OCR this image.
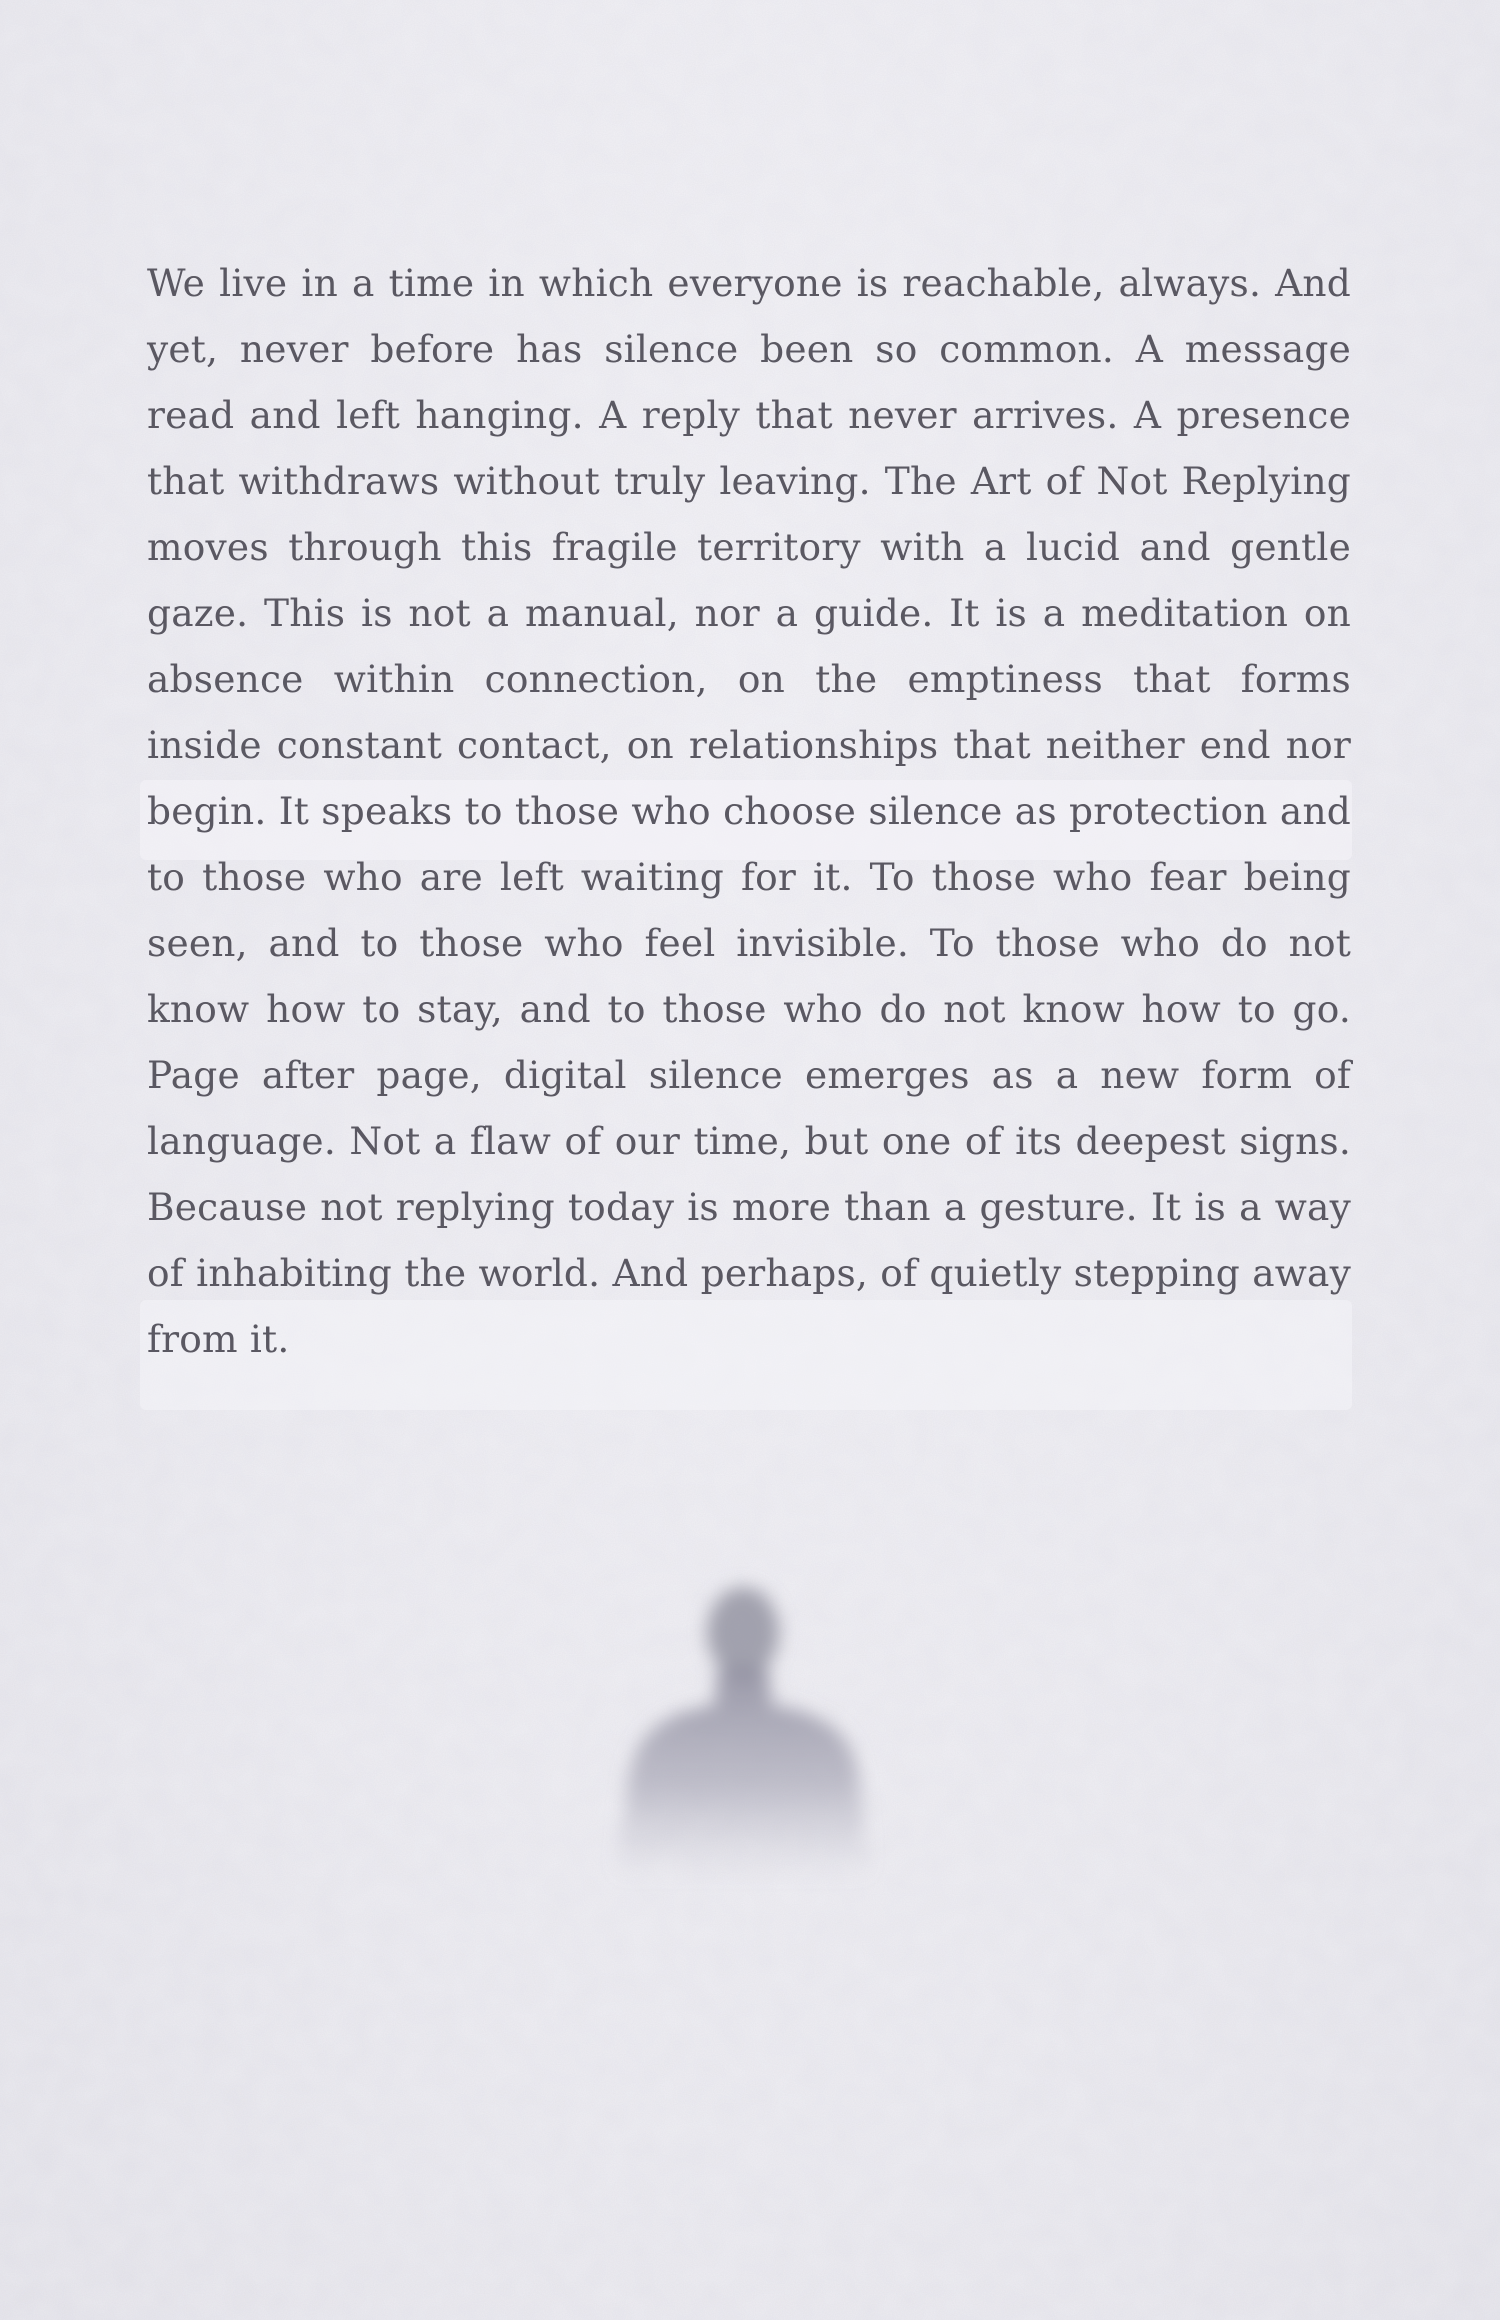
We live in a time in which everyone is reachable, always. And yet, never before has silence been so common. A message read and left hanging. A reply that never arrives. A presence that withdraws without truly leaving. The Art of Not Replying moves through this fragile territory with a lucid and gentle gaze. This is not a manual, nor a guide. It is a meditation on absence within connection, on the emptiness that forms inside constant contact, on relationships that neither end nor begin. It speaks to those who choose silence as protection and to those who are left waiting for it. To those who fear being seen, and to those who feel invisible. To those who do not know how to stay, and to those who do not know how to go. Page after page, digital silence emerges as a new form of language. Not a flaw of our time, but one of its deepest signs. Because not replying today is more than a gesture. It is a way of inhabiting the world. And perhaps, of quietly stepping away from it.
